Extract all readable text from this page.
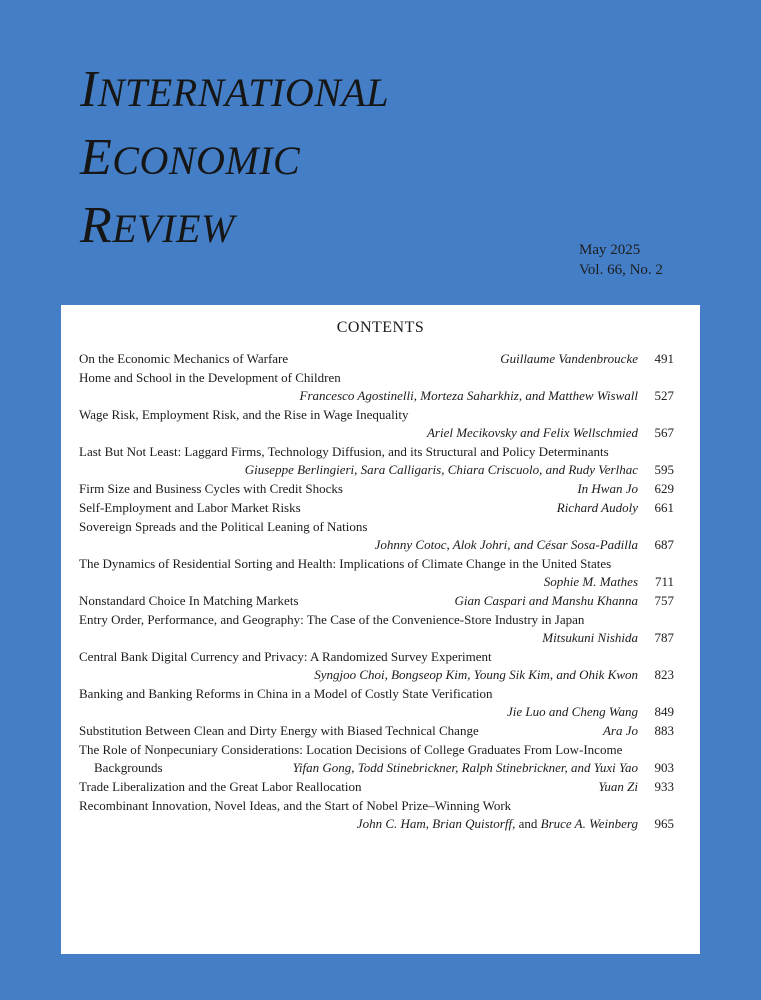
INTERNATIONAL
ECONOMIC
REVIEW	May 2025
Vol. 66, No. 2
CONTENTS
On the Economic Mechanics of Warfare	Guillaume Vandenbroucke	491
Home and School in the Development of Children
Francesco Agostinelli, Morteza Saharkhiz, and Matthew Wiswall	527
Wage Risk, Employment Risk, and the Rise in Wage Inequality
Ariel Mecikovsky and Felix Wellschmied	567
Last But Not Least: Laggard Firms, Technology Diffusion, and its Structural and Policy Determinants
Giuseppe Berlingieri, Sara Calligaris, Chiara Criscuolo, and Rudy Verlhac	595
Firm Size and Business Cycles with Credit Shocks	In Hwan Jo	629
Self-Employment and Labor Market Risks	Richard Audoly	661
Sovereign Spreads and the Political Leaning of Nations
Johnny Cotoc, Alok Johri, and César Sosa-Padilla	687
The Dynamics of Residential Sorting and Health: Implications of Climate Change in the United States
Sophie M. Mathes	711
Nonstandard Choice In Matching Markets	Gian Caspari and Manshu Khanna	757
Entry Order, Performance, and Geography: The Case of the Convenience-Store Industry in Japan
Mitsukuni Nishida	787
Central Bank Digital Currency and Privacy: A Randomized Survey Experiment
Syngjoo Choi, Bongseop Kim, Young Sik Kim, and Ohik Kwon	823
Banking and Banking Reforms in China in a Model of Costly State Verification
Jie Luo and Cheng Wang	849
Substitution Between Clean and Dirty Energy with Biased Technical Change	Ara Jo	883
The Role of Nonpecuniary Considerations: Location Decisions of College Graduates From Low-Income
Backgrounds	Yifan Gong, Todd Stinebrickner, Ralph Stinebrickner, and Yuxi Yao	903
Trade Liberalization and the Great Labor Reallocation	Yuan Zi	933
Recombinant Innovation, Novel Ideas, and the Start of Nobel Prize–Winning Work
John C. Ham, Brian Quistorff, and Bruce A. Weinberg	965
